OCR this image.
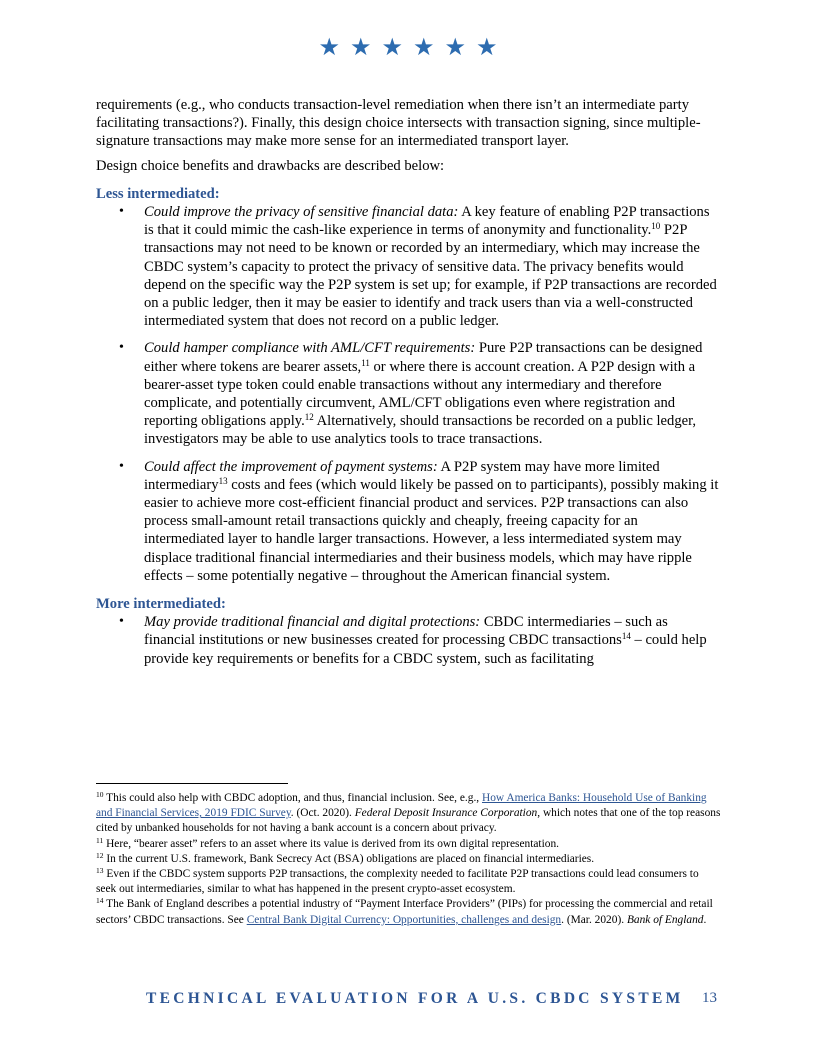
★ ★ ★ ★ ★ ★

requirements (e.g., who conducts transaction-level remediation when there isn’t an intermediate party facilitating transactions?). Finally, this design choice intersects with transaction signing, since multiple-signature transactions may make more sense for an intermediated transport layer.

Design choice benefits and drawbacks are described below:

Less intermediated:
• Could improve the privacy of sensitive financial data: A key feature of enabling P2P transactions is that it could mimic the cash-like experience in terms of anonymity and functionality.$^{10}$ P2P transactions may not need to be known or recorded by an intermediary, which may increase the CBDC system’s capacity to protect the privacy of sensitive data. The privacy benefits would depend on the specific way the P2P system is set up; for example, if P2P transactions are recorded on a public ledger, then it may be easier to identify and track users than via a well-constructed intermediated system that does not record on a public ledger.
• Could hamper compliance with AML/CFT requirements: Pure P2P transactions can be designed either where tokens are bearer assets,$^{11}$ or where there is account creation. A P2P design with a bearer-asset type token could enable transactions without any intermediary and therefore complicate, and potentially circumvent, AML/CFT obligations even where registration and reporting obligations apply.$^{12}$ Alternatively, should transactions be recorded on a public ledger, investigators may be able to use analytics tools to trace transactions.
• Could affect the improvement of payment systems: A P2P system may have more limited intermediary$^{13}$ costs and fees (which would likely be passed on to participants), possibly making it easier to achieve more cost-efficient financial product and services. P2P transactions can also process small-amount retail transactions quickly and cheaply, freeing capacity for an intermediated layer to handle larger transactions. However, a less intermediated system may displace traditional financial intermediaries and their business models, which may have ripple effects – some potentially negative – throughout the American financial system.
More intermediated:
• May provide traditional financial and digital protections: CBDC intermediaries – such as financial institutions or new businesses created for processing CBDC transactions$^{14}$ – could help provide key requirements or benefits for a CBDC system, such as facilitating

$^{10}$ This could also help with CBDC adoption, and thus, financial inclusion. See, e.g., How America Banks: Household Use of Banking and Financial Services, 2019 FDIC Survey. (Oct. 2020). Federal Deposit Insurance Corporation, which notes that one of the top reasons cited by unbanked households for not having a bank account is a concern about privacy.

$^{11}$ Here, “bearer asset” refers to an asset where its value is derived from its own digital representation.

$^{12}$ In the current U.S. framework, Bank Secrecy Act (BSA) obligations are placed on financial intermediaries.

$^{13}$ Even if the CBDC system supports P2P transactions, the complexity needed to facilitate P2P transactions could lead consumers to seek out intermediaries, similar to what has happened in the present crypto-asset ecosystem.

$^{14}$ The Bank of England describes a potential industry of “Payment Interface Providers” (PIPs) for processing the commercial and retail sectors’ CBDC transactions. See Central Bank Digital Currency: Opportunities, challenges and design. (Mar. 2020). Bank of England.

TECHNICAL EVALUATION FOR A U.S. CBDC SYSTEM 13
